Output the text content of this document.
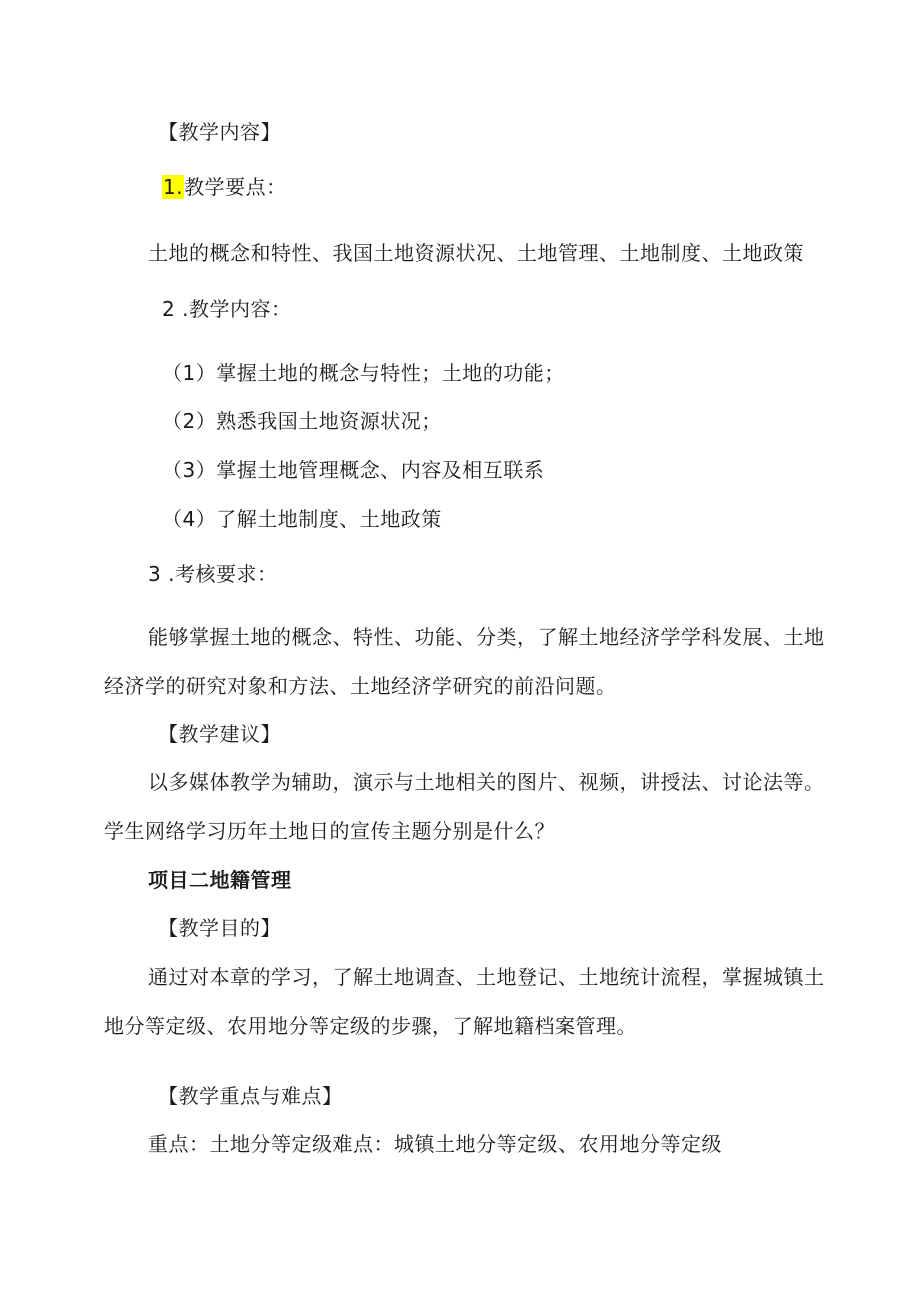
【教学内容】
1.教学要点：
土地的概念和特性、我国土地资源状况、土地管理、土地制度、土地政策
2 .教学内容：
（1）掌握土地的概念与特性；土地的功能；
（2）熟悉我国土地资源状况；
（3）掌握土地管理概念、内容及相互联系
（4）了解土地制度、土地政策
3 .考核要求：
能够掌握土地的概念、特性、功能、分类，了解土地经济学学科发展、土地
经济学的研究对象和方法、土地经济学研究的前沿问题。
【教学建议】
以多媒体教学为辅助，演示与土地相关的图片、视频，讲授法、讨论法等。
学生网络学习历年土地日的宣传主题分别是什么？
项目二地籍管理
【教学目的】
通过对本章的学习，了解土地调查、土地登记、土地统计流程，掌握城镇土
地分等定级、农用地分等定级的步骤，了解地籍档案管理。
【教学重点与难点】
重点：土地分等定级难点：城镇土地分等定级、农用地分等定级
